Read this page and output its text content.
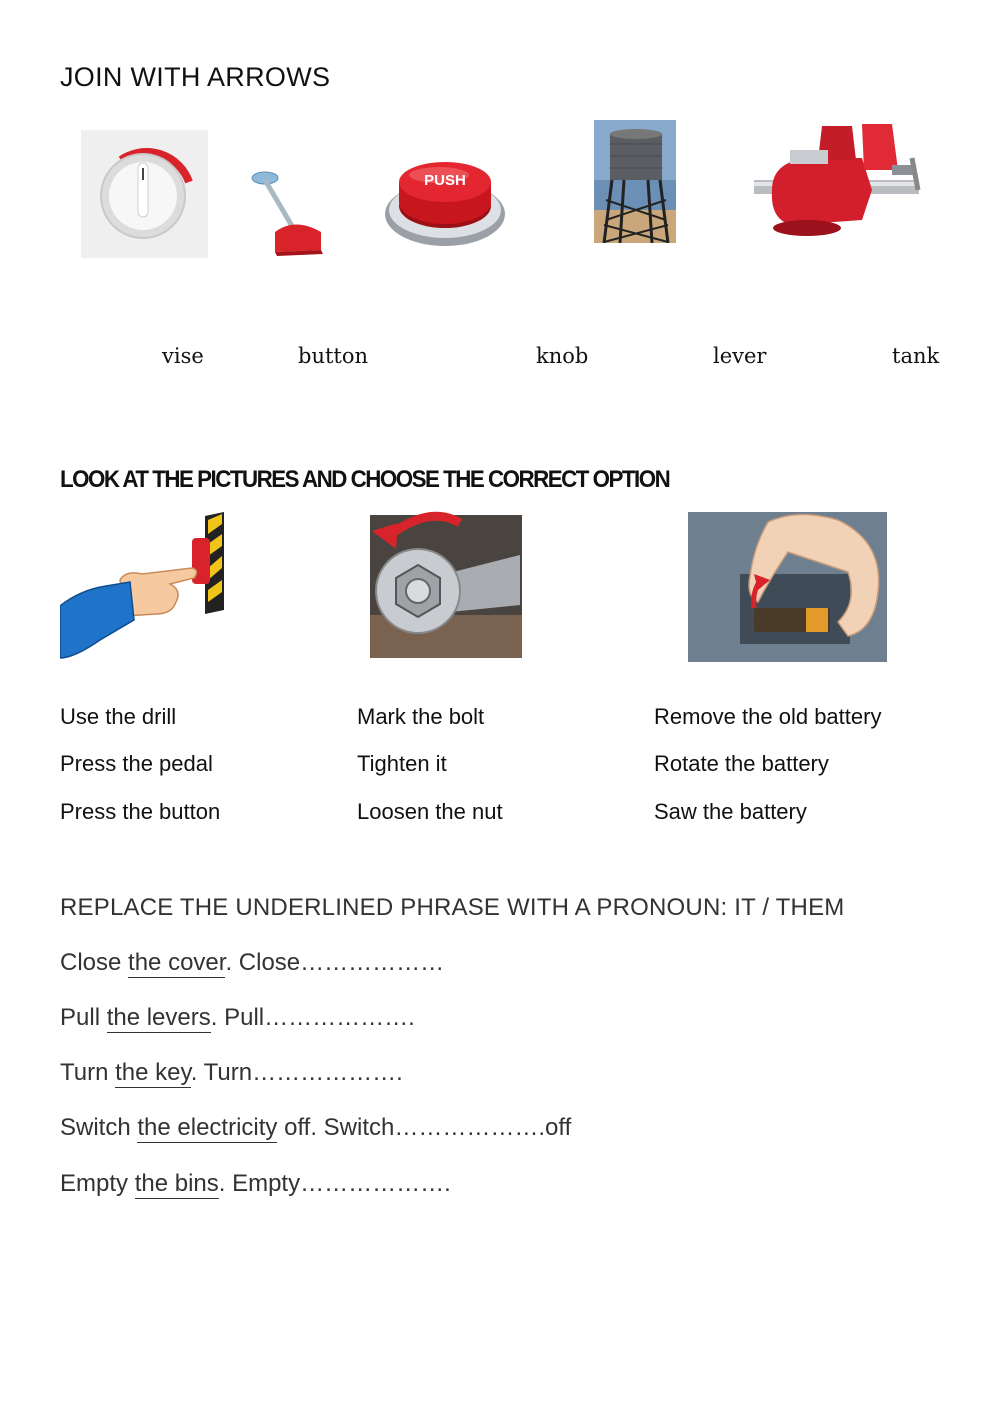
JOIN WITH ARROWS
PUSH
vise	button	knob	lever	tank
LOOK AT THE PICTURES AND CHOOSE THE CORRECT OPTION
Use the drill
Press the pedal
Press the button
Mark the bolt
Tighten it
Loosen the nut
Remove the old battery
Rotate the battery
Saw the battery
REPLACE THE UNDERLINED PHRASE WITH A PRONOUN: IT / THEM
Close the cover. Close………………
Pull the levers. Pull……………….
Turn the key. Turn……………….
Switch the electricity off. Switch……………….off
Empty the bins. Empty……………….
